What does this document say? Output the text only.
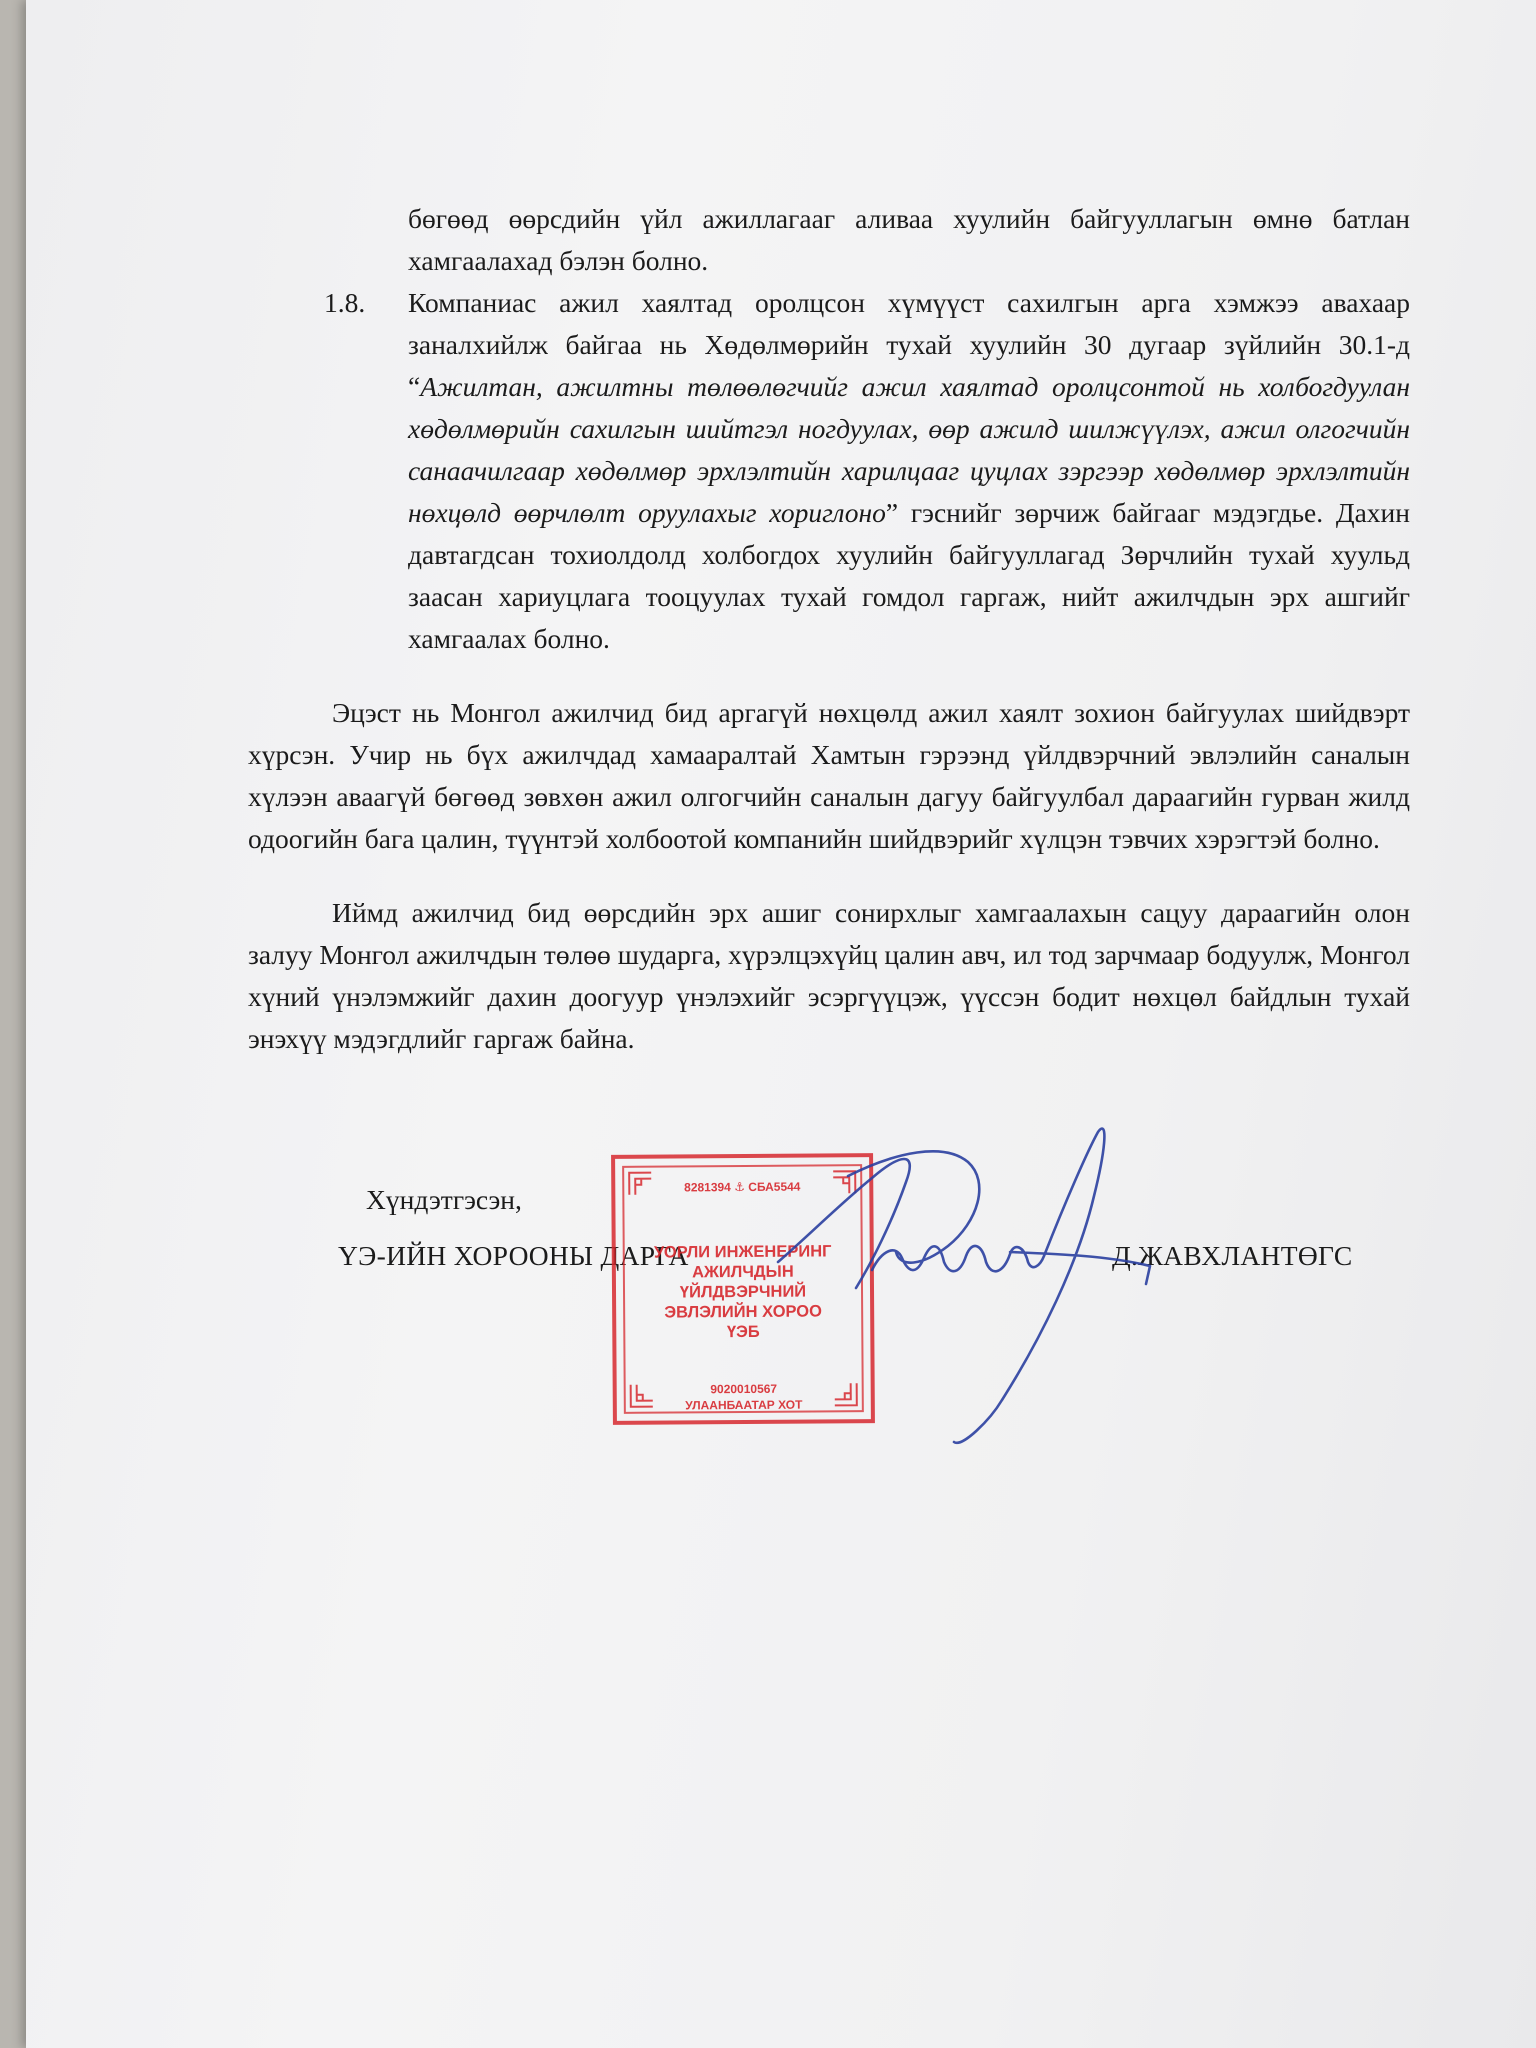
бөгөөд өөрсдийн үйл ажиллагааг аливаа хуулийн байгууллагын өмнө батлан хамгаалахад бэлэн болно.

1.8.	Компаниас ажил хаялтад оролцсон хүмүүст сахилгын арга хэмжээ авахаар заналхийлж байгаа нь Хөдөлмөрийн тухай хуулийн 30 дугаар зүйлийн 30.1-д “Ажилтан, ажилтны төлөөлөгчийг ажил хаялтад оролцсонтой нь холбогдуулан хөдөлмөрийн сахилгын шийтгэл ногдуулах, өөр ажилд шилжүүлэх, ажил олгогчийн санаачилгаар хөдөлмөр эрхлэлтийн харилцааг цуцлах зэргээр хөдөлмөр эрхлэлтийн нөхцөлд өөрчлөлт оруулахыг хориглоно” гэснийг зөрчиж байгааг мэдэгдье. Дахин давтагдсан тохиолдолд холбогдох хуулийн байгууллагад Зөрчлийн тухай хуульд заасан хариуцлага тооцуулах тухай гомдол гаргаж, нийт ажилчдын эрх ашгийг хамгаалах болно.

Эцэст нь Монгол ажилчид бид аргагүй нөхцөлд ажил хаялт зохион байгуулах шийдвэрт хүрсэн. Учир нь бүх ажилчдад хамааралтай Хамтын гэрээнд үйлдвэрчний эвлэлийн саналын хүлээн аваагүй бөгөөд зөвхөн ажил олгогчийн саналын дагуу байгуулбал дараагийн гурван жилд одоогийн бага цалин, түүнтэй холбоотой компанийн шийдвэрийг хүлцэн тэвчих хэрэгтэй болно.

Иймд ажилчид бид өөрсдийн эрх ашиг сонирхлыг хамгаалахын сацуу дараагийн олон залуу Монгол ажилчдын төлөө шударга, хүрэлцэхүйц цалин авч, ил тод зарчмаар бодуулж, Монгол хүний үнэлэмжийг дахин доогуур үнэлэхийг эсэргүүцэж, үүссэн бодит нөхцөл байдлын тухай энэхүү мэдэгдлийг гаргаж байна.

Хүндэтгэсэн,
ҮЭ-ИЙН ХОРООНЫ ДАРГА	Д.ЖАВХЛАНТӨГС
8281394 ⚓ СБА5544
УОРЛИ ИНЖЕНЕРИНГ
АЖИЛЧДЫН
ҮЙЛДВЭРЧНИЙ
ЭВЛЭЛИЙН ХОРОО
ҮЭБ
9020010567
УЛААНБААТАР ХОТ
